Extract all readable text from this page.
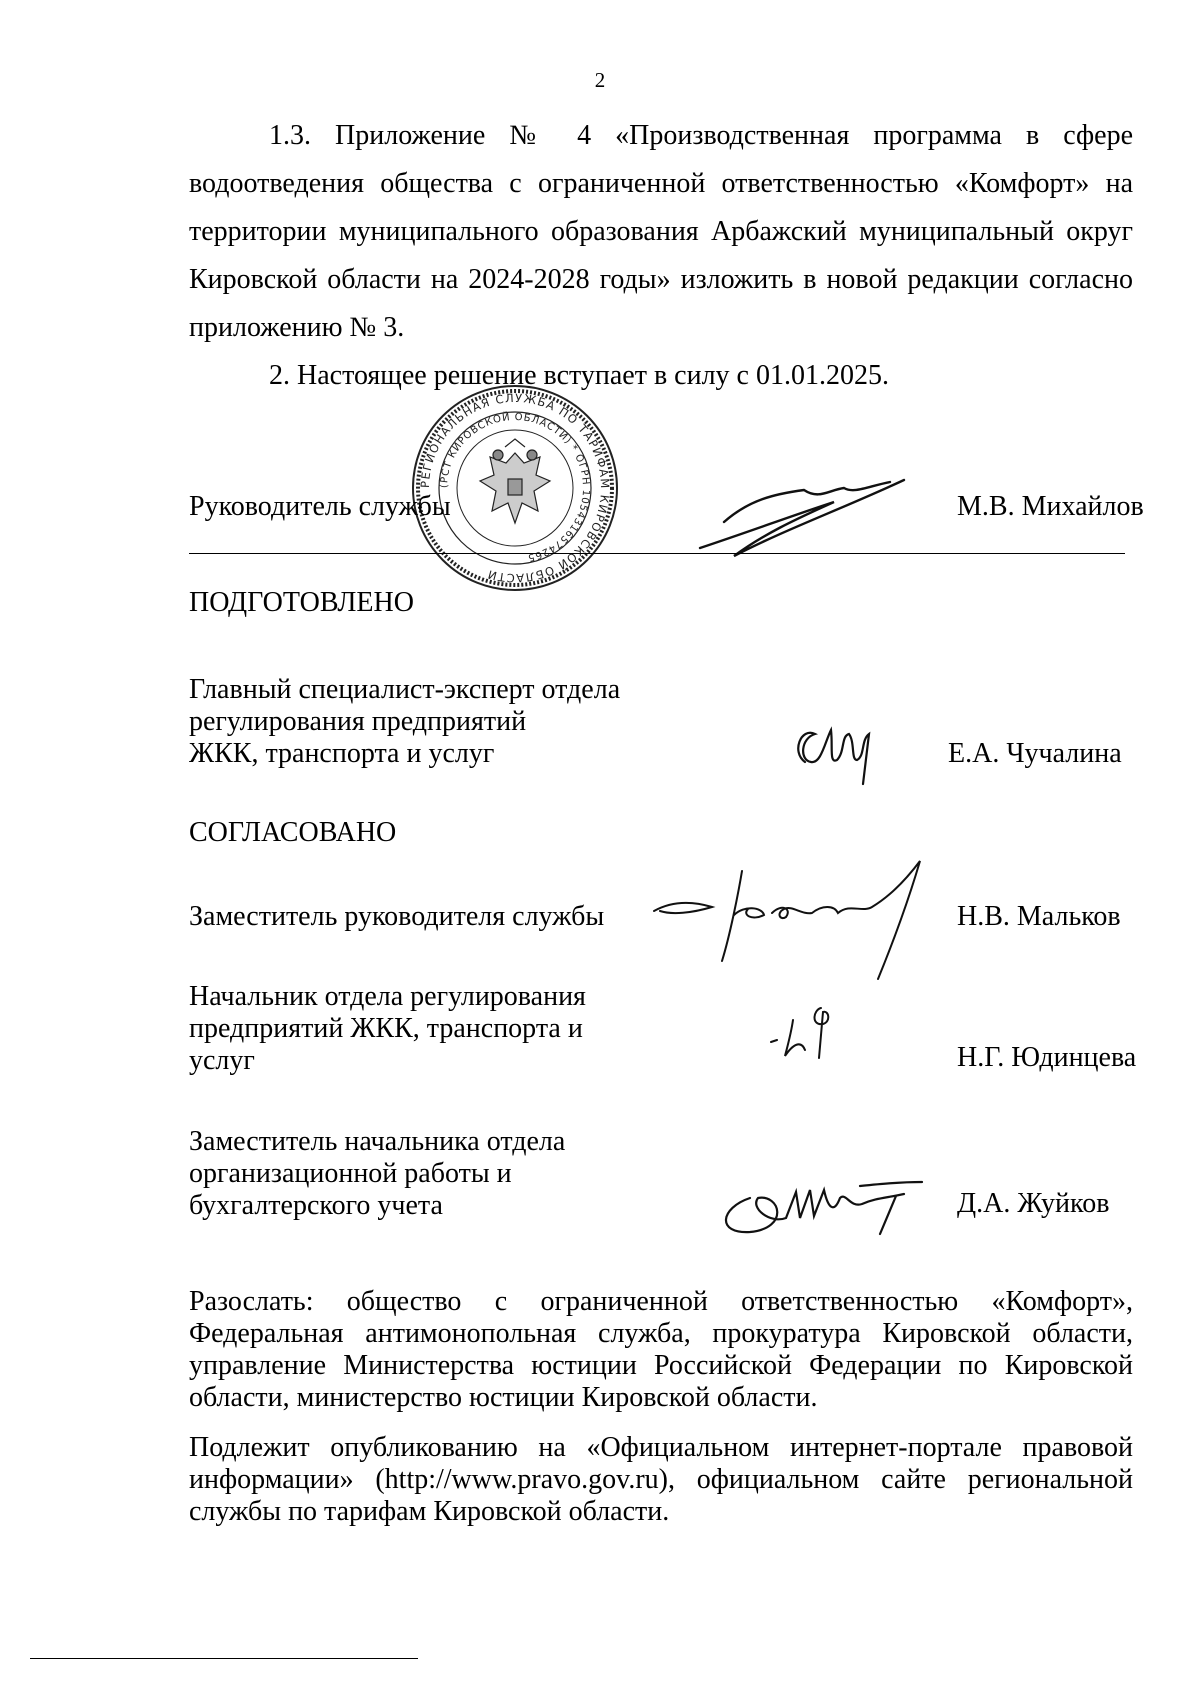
2

1.3. Приложение № 4 «Производственная программа в сфере водоотведения общества с ограниченной ответственностью «Комфорт» на территории муниципального образования Арбажский муниципальный округ Кировской области на 2024-2028 годы» изложить в новой редакции согласно приложению № 3.

2. Настоящее решение вступает в силу с 01.01.2025.

РЕГИОНАЛЬНАЯ СЛУЖБА ПО ТАРИФАМ КИРОВСКОЙ ОБЛАСТИ
(РСТ КИРОВСКОЙ ОБЛАСТИ) * ОГРН 1054316574265
Руководитель службы	М.В. Михайлов
ПОДГОТОВЛЕНО
Главный специалист-эксперт отдела
регулирования предприятий
ЖКК, транспорта и услуг	Е.А. Чучалина
СОГЛАСОВАНО
Заместитель руководителя службы	Н.В. Мальков
Начальник отдела регулирования
предприятий ЖКК, транспорта и
услуг	Н.Г. Юдинцева
Заместитель начальника отдела
организационной работы и
бухгалтерского учета	Д.А. Жуйков
Разослать: общество с ограниченной ответственностью «Комфорт»,
Федеральная антимонопольная служба, прокуратура Кировской области,
управление Министерства юстиции Российской Федерации по Кировской
области, министерство юстиции Кировской области.
Подлежит опубликованию на «Официальном интернет-портале правовой
информации» (http://www.pravo.gov.ru), официальном сайте региональной
службы по тарифам Кировской области.
